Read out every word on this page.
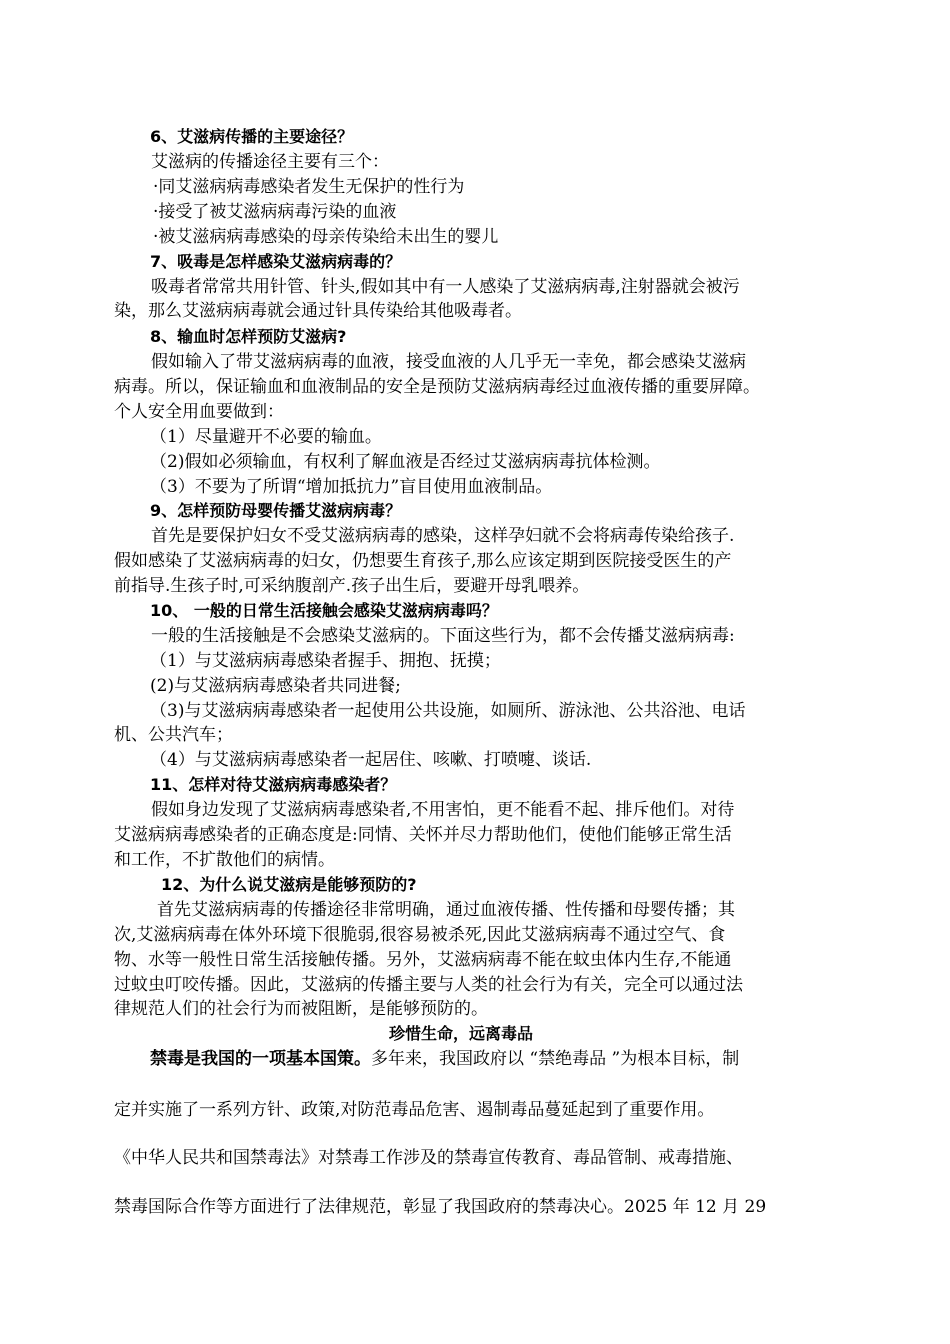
6、艾滋病传播的主要途径？
艾滋病的传播途径主要有三个：
·同艾滋病病毒感染者发生无保护的性行为
·接受了被艾滋病病毒污染的血液
·被艾滋病病毒感染的母亲传染给未出生的婴儿
7、吸毒是怎样感染艾滋病病毒的？
吸毒者常常共用针管、针头,假如其中有一人感染了艾滋病病毒,注射器就会被污
染，那么艾滋病病毒就会通过针具传染给其他吸毒者。
8、输血时怎样预防艾滋病?
假如输入了带艾滋病病毒的血液，接受血液的人几乎无一幸免，都会感染艾滋病
病毒。所以，保证输血和血液制品的安全是预防艾滋病病毒经过血液传播的重要屏障。
个人安全用血要做到：
（1）尽量避开不必要的输血。
（2)假如必须输血，有权利了解血液是否经过艾滋病病毒抗体检测。
（3）不要为了所谓“增加抵抗力”盲目使用血液制品。
9、怎样预防母婴传播艾滋病病毒？
首先是要保护妇女不受艾滋病病毒的感染，这样孕妇就不会将病毒传染给孩子.
假如感染了艾滋病病毒的妇女，仍想要生育孩子,那么应该定期到医院接受医生的产
前指导.生孩子时,可采纳腹剖产.孩子出生后，要避开母乳喂养。
10、 一般的日常生活接触会感染艾滋病病毒吗？
一般的生活接触是不会感染艾滋病的。下面这些行为，都不会传播艾滋病病毒:
（1）与艾滋病病毒感染者握手、拥抱、抚摸；
(2)与艾滋病病毒感染者共同进餐;
（3)与艾滋病病毒感染者一起使用公共设施，如厕所、游泳池、公共浴池、电话
机、公共汽车；
（4）与艾滋病病毒感染者一起居住、咳嗽、打喷嚏、谈话.
11、怎样对待艾滋病病毒感染者？
假如身边发现了艾滋病病毒感染者,不用害怕，更不能看不起、排斥他们。对待
艾滋病病毒感染者的正确态度是:同情、关怀并尽力帮助他们，使他们能够正常生活
和工作，不扩散他们的病情。
12、为什么说艾滋病是能够预防的?
首先艾滋病病毒的传播途径非常明确，通过血液传播、性传播和母婴传播；其
次,艾滋病病毒在体外环境下很脆弱,很容易被杀死,因此艾滋病病毒不通过空气、食
物、水等一般性日常生活接触传播。另外，艾滋病病毒不能在蚊虫体内生存,不能通
过蚊虫叮咬传播。因此，艾滋病的传播主要与人类的社会行为有关，完全可以通过法
律规范人们的社会行为而被阻断，是能够预防的。
珍惜生命，远离毒品
禁毒是我国的一项基本国策。多年来，我国政府以 “禁绝毒品 ”为根本目标，制
定并实施了一系列方针、政策,对防范毒品危害、遏制毒品蔓延起到了重要作用。
《中华人民共和国禁毒法》对禁毒工作涉及的禁毒宣传教育、毒品管制、戒毒措施、
禁毒国际合作等方面进行了法律规范，彰显了我国政府的禁毒决心。2025 年 12 月 29
